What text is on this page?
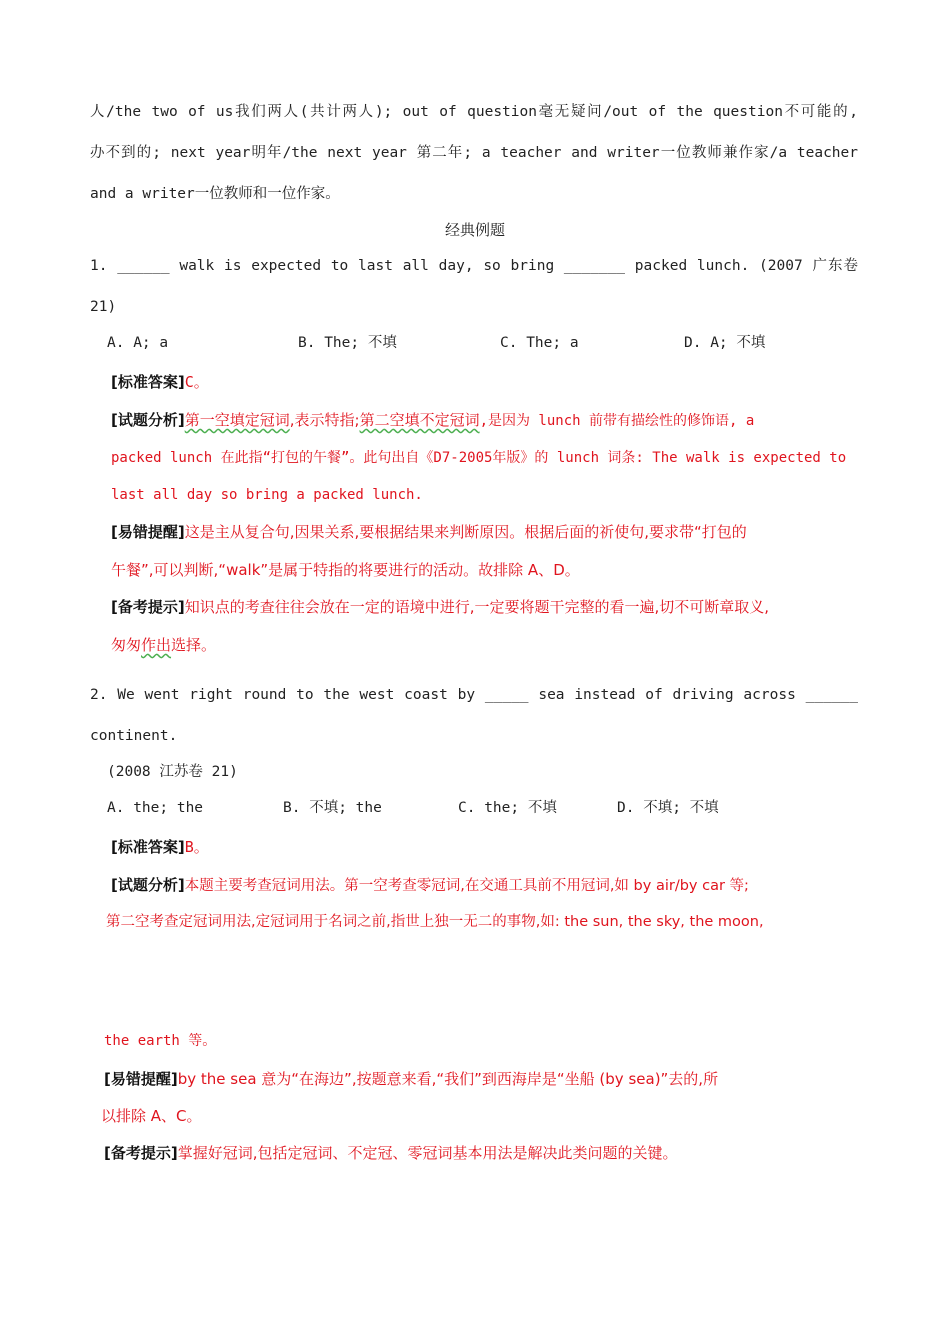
人/the two of us我们两人(共计两人); out of question毫无疑问/out of the question不可能的,
办不到的; next year明年/the next year 第二年; a teacher and writer一位教师兼作家/a teacher
and a writer一位教师和一位作家。
经典例题
1. ______ walk is expected to last all day, so bring _______ packed lunch. (2007 广东卷
21)
A. A; a	B. The; 不填	C. The; a	D. A; 不填
[标准答案]C。
[试题分析]第一空填定冠词,表示特指;第二空填不定冠词,是因为 lunch 前带有描绘性的修饰语, a
packed lunch 在此指“打包的午餐”。此句出自《D7-2005年版》的 lunch 词条: The walk is expected to
last all day so bring a packed lunch.
[易错提醒]这是主从复合句,因果关系,要根据结果来判断原因。根据后面的祈使句,要求带“打包的
午餐”,可以判断,“walk”是属于特指的将要进行的活动。故排除 A、D。
[备考提示]知识点的考查往往会放在一定的语境中进行,一定要将题干完整的看一遍,切不可断章取义,
匆匆作出选择。
2. We went right round to the west coast by _____ sea instead of driving across ______
continent.
(2008 江苏卷 21)
A. the; the	B. 不填; the	C. the; 不填	D. 不填; 不填
[标准答案]B。
[试题分析]本题主要考查冠词用法。第一空考查零冠词,在交通工具前不用冠词,如 by air/by car 等;
第二空考查定冠词用法,定冠词用于名词之前,指世上独一无二的事物,如: the sun, the sky, the moon,
the earth 等。
[易错提醒]by the sea 意为“在海边”,按题意来看,“我们”到西海岸是“坐船 (by sea)”去的,所
以排除 A、C。
[备考提示]掌握好冠词,包括定冠词、不定冠、零冠词基本用法是解决此类问题的关键。
